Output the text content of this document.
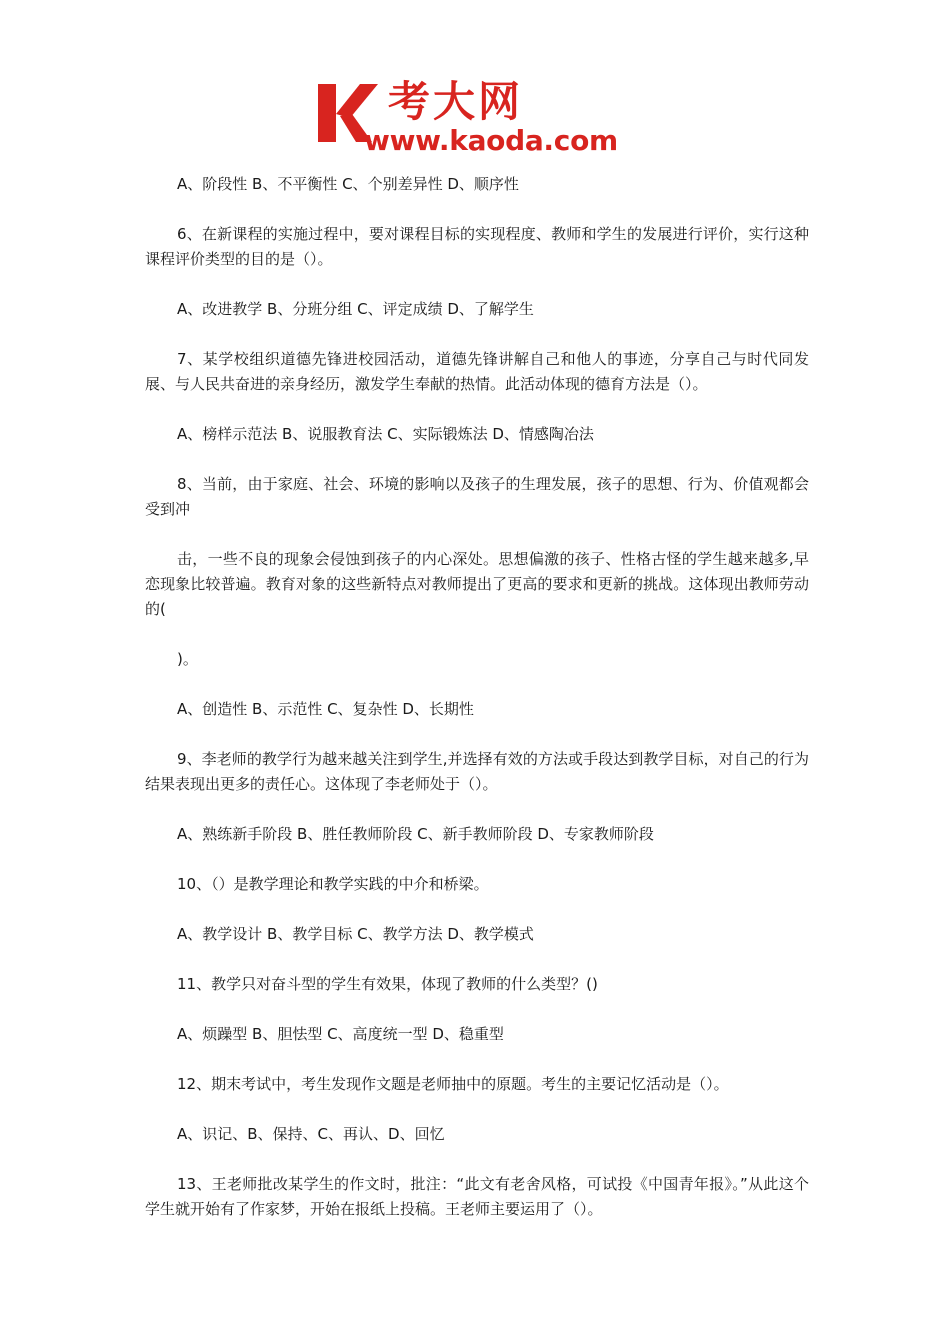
考大网
www.kaoda.com

A、阶段性 B、不平衡性 C、个别差异性 D、顺序性

6、在新课程的实施过程中，要对课程目标的实现程度、教师和学生的发展进行评价，实行这种课程评价类型的目的是（）。

A、改进教学 B、分班分组 C、评定成绩 D、了解学生

7、某学校组织道德先锋进校园活动，道德先锋讲解自己和他人的事迹，分享自己与时代同发展、与人民共奋进的亲身经历，激发学生奉献的热情。此活动体现的德育方法是（）。

A、榜样示范法 B、说服教育法 C、实际锻炼法 D、情感陶冶法

8、当前，由于家庭、社会、环境的影响以及孩子的生理发展，孩子的思想、行为、价值观都会受到冲

击，一些不良的现象会侵蚀到孩子的内心深处。思想偏激的孩子、性格古怪的学生越来越多,早恋现象比较普遍。教育对象的这些新特点对教师提出了更高的要求和更新的挑战。这体现出教师劳动的(

)。

A、创造性 B、示范性 C、复杂性 D、长期性

9、李老师的教学行为越来越关注到学生,并选择有效的方法或手段达到教学目标，对自己的行为结果表现出更多的责任心。这体现了李老师处于（）。

A、熟练新手阶段 B、胜任教师阶段 C、新手教师阶段 D、专家教师阶段

10、（）是教学理论和教学实践的中介和桥梁。

A、教学设计 B、教学目标 C、教学方法 D、教学模式

11、教学只对奋斗型的学生有效果，体现了教师的什么类型？()

A、烦躁型 B、胆怯型 C、高度统一型 D、稳重型

12、期末考试中，考生发现作文题是老师抽中的原题。考生的主要记忆活动是（）。

A、识记、B、保持、C、再认、D、回忆

13、王老师批改某学生的作文时，批注：“此文有老舍风格，可试投《中国青年报》。”从此这个学生就开始有了作家梦，开始在报纸上投稿。王老师主要运用了（）。
